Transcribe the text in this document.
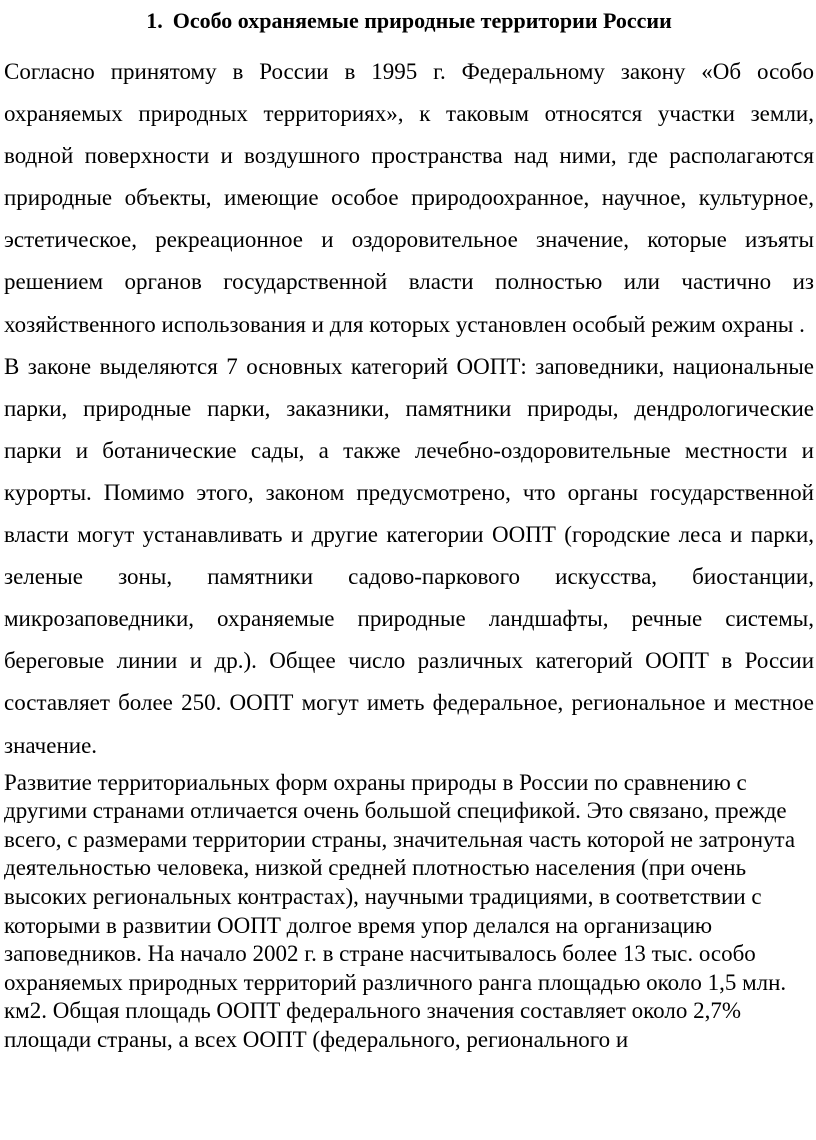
1. Особо охраняемые природные территории России

Согласно принятому в России в 1995 г. Федеральному закону «Об особо охраняемых природных территориях», к таковым относятся участки земли, водной поверхности и воздушного пространства над ними, где располагаются природные объекты, имеющие особое природоохранное, научное, культурное, эстетическое, рекреационное и оздоровительное значение, которые изъяты решением органов государственной власти полностью или частично из хозяйственного использования и для которых установлен особый режим охраны .

В законе выделяются 7 основных категорий ООПТ: заповедники, национальные парки, природные парки, заказники, памятники природы, дендрологические парки и ботанические сады, а также лечебно-оздоровительные местности и курорты. Помимо этого, законом предусмотрено, что органы государственной власти могут устанавливать и другие категории ООПТ (городские леса и парки, зеленые зоны, памятники садово-паркового искусства, биостанции, микрозаповедники, охраняемые природные ландшафты, речные системы, береговые линии и др.). Общее число различных категорий ООПТ в России составляет более 250. ООПТ могут иметь федеральное, региональное и местное значение.

Развитие территориальных форм охраны природы в России по сравнению с другими странами отличается очень большой спецификой. Это связано, прежде всего, с размерами территории страны, значительная часть которой не затронута деятельностью человека, низкой средней плотностью населения (при очень высоких региональных контрастах), научными традициями, в соответствии с которыми в развитии ООПТ долгое время упор делался на организацию заповедников. На начало 2002 г. в стране насчитывалось более 13 тыс. особо охраняемых природных территорий различного ранга площадью около 1,5 млн. км2. Общая площадь ООПТ федерального значения составляет около 2,7% площади страны, а всех ООПТ (федерального, регионального и
